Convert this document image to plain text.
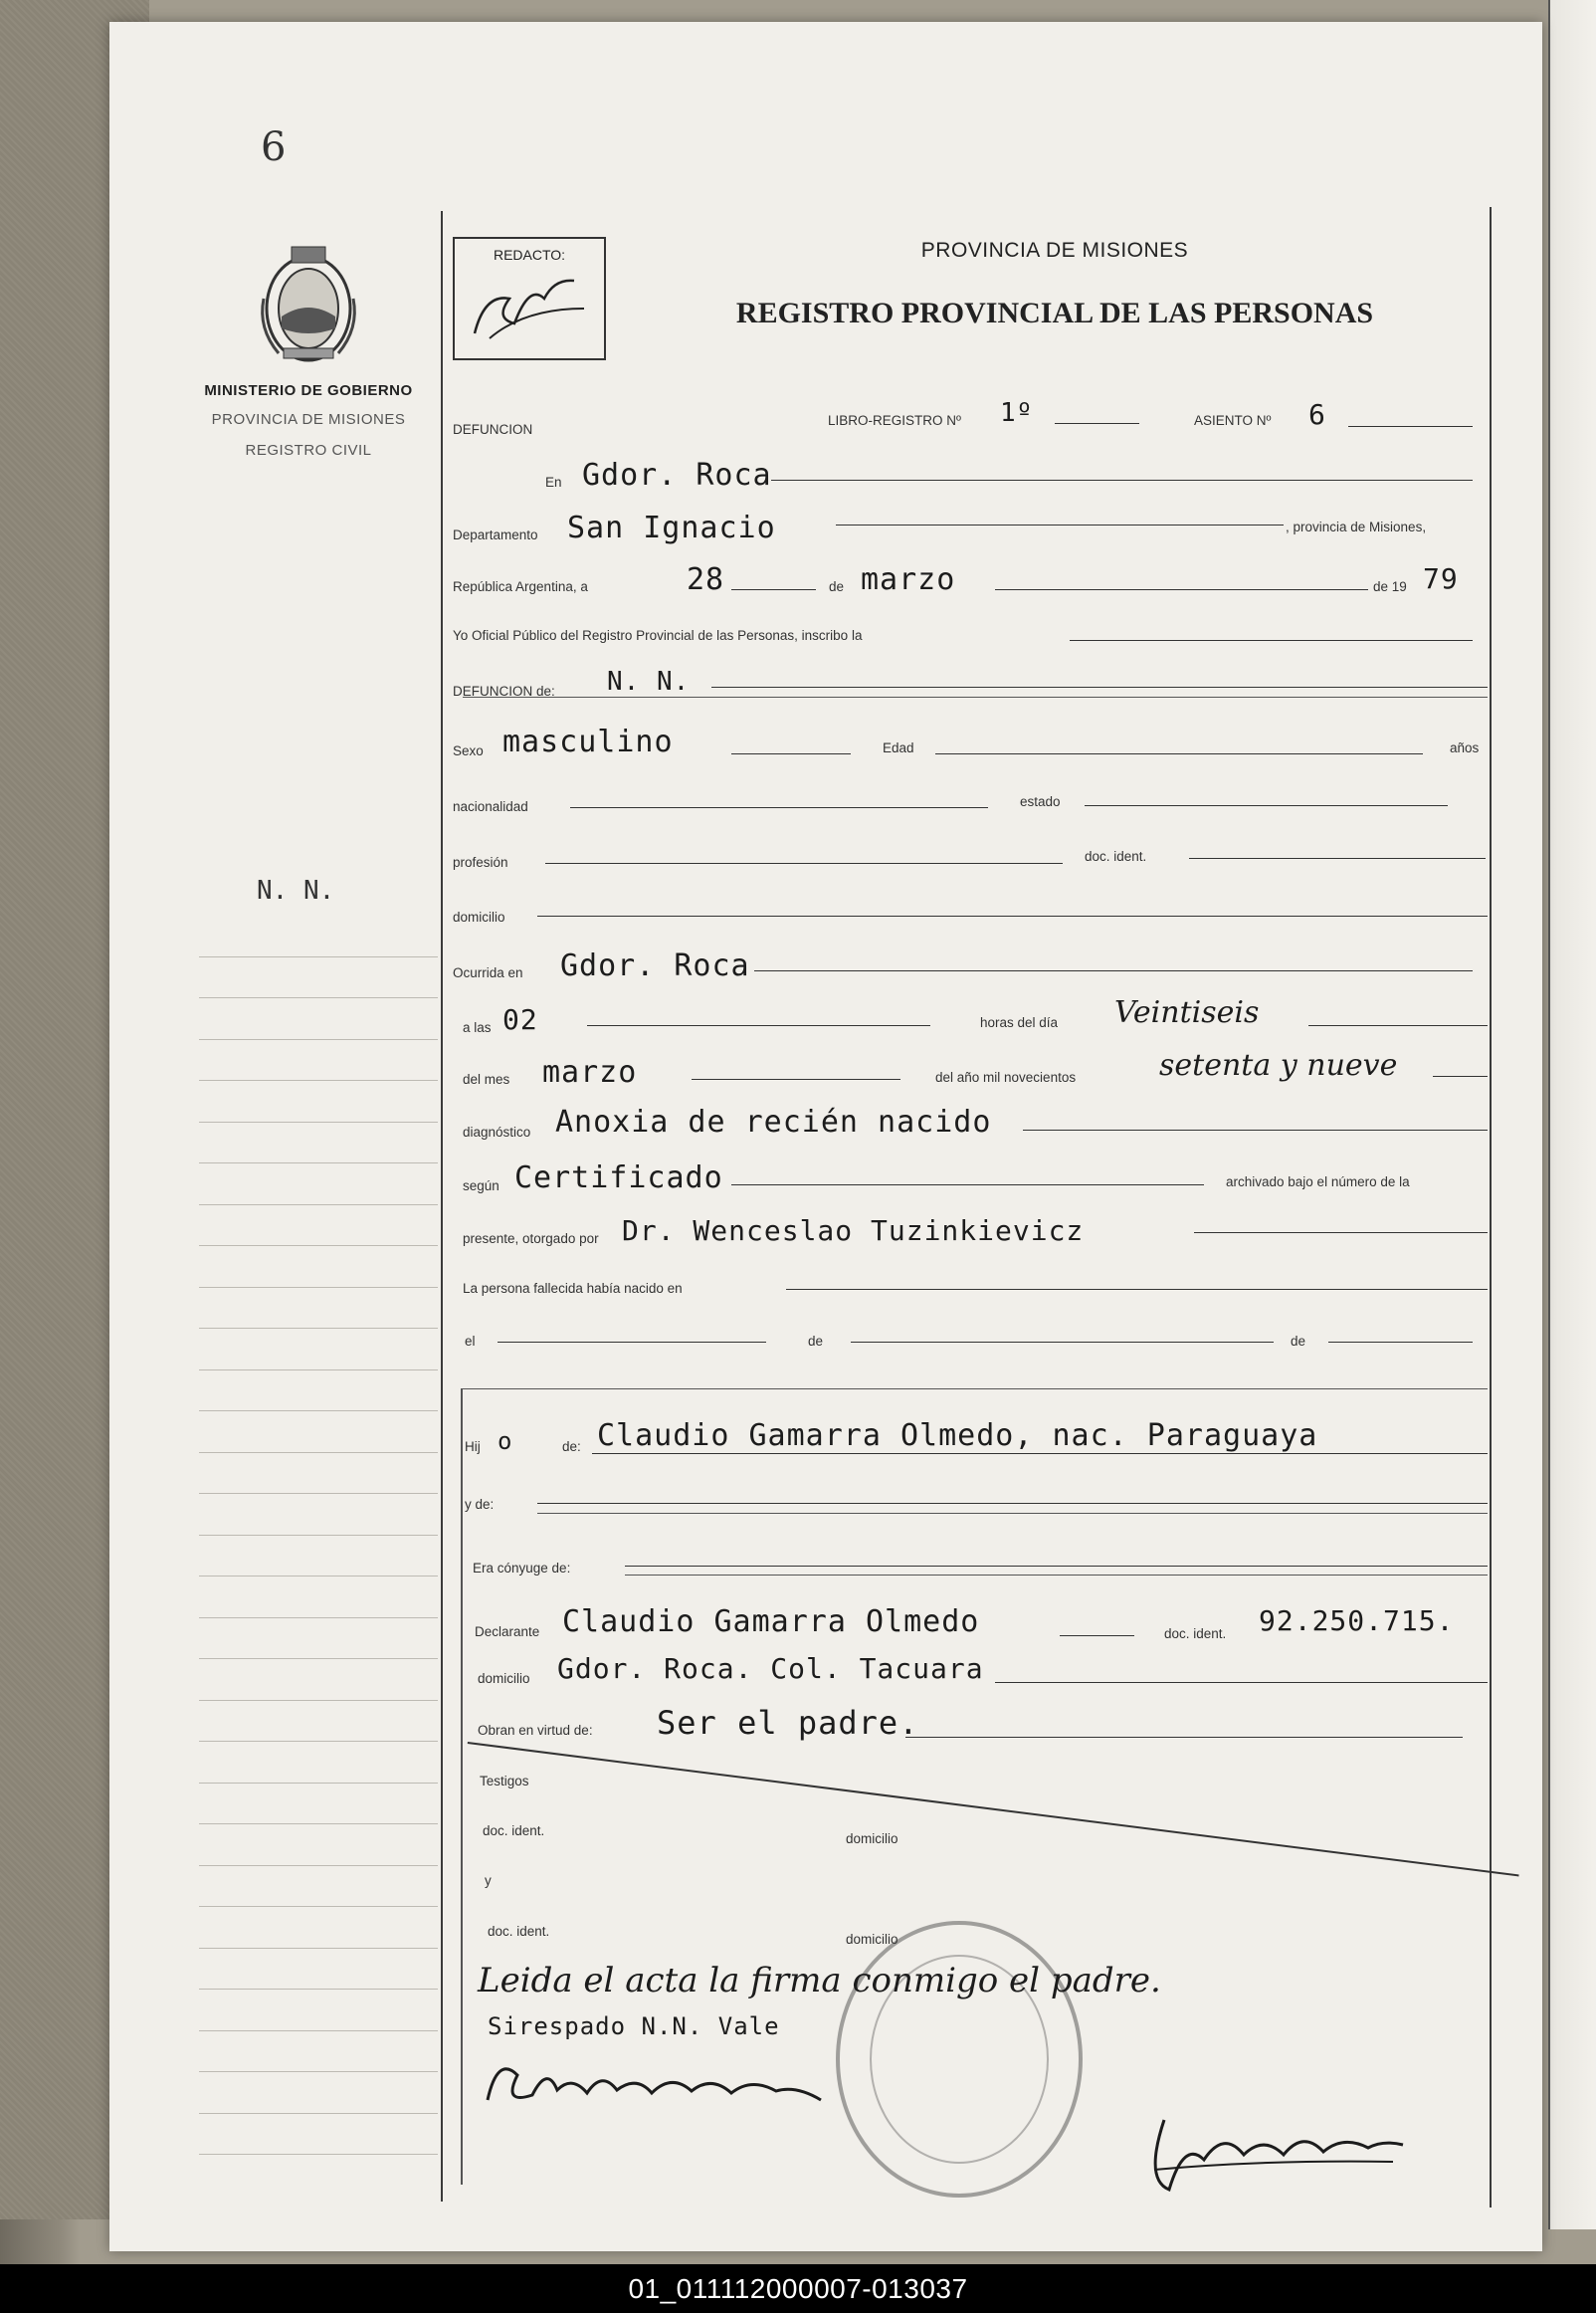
6
MINISTERIO DE GOBIERNO
PROVINCIA DE MISIONES
REGISTRO CIVIL
N. N.
REDACTO:	PROVINCIA DE MISIONES
REGISTRO PROVINCIAL DE LAS PERSONAS
DEFUNCION
LIBRO-REGISTRO Nº 1º	ASIENTO Nº 6
En Gdor. Roca
Departamento San Ignacio	, provincia de Misiones,
República Argentina, a	28	de marzo	de 19 79
Yo Oficial Público del Registro Provincial de las Personas, inscribo la
DEFUNCION de: N. N.
Sexo masculino	Edad	años
nacionalidad	estado
profesión	doc. ident.
domicilio
Ocurrida en Gdor. Roca
a las 02	horas del día Veintiseis
del mes marzo	del año mil novecientos	setenta y nueve
diagnóstico Anoxia de recién nacido
según Certificado	archivado bajo el número de la
presente, otorgado por Dr. Wenceslao Tuzinkievicz
La persona fallecida había nacido en
el	de	de
Hij o	de: Claudio Gamarra Olmedo, nac. Paraguaya
y de:
Era cónyuge de:
Declarante Claudio Gamarra Olmedo	doc. ident. 92.250.715.
domicilio Gdor. Roca. Col. Tacuara
Obran en virtud de: Ser el padre.
Testigos
doc. ident.
domicilio
y
doc. ident.
domicilio
Leida el acta la firma conmigo el padre.
Sirespado N.N. Vale
01_011112000007-013037
